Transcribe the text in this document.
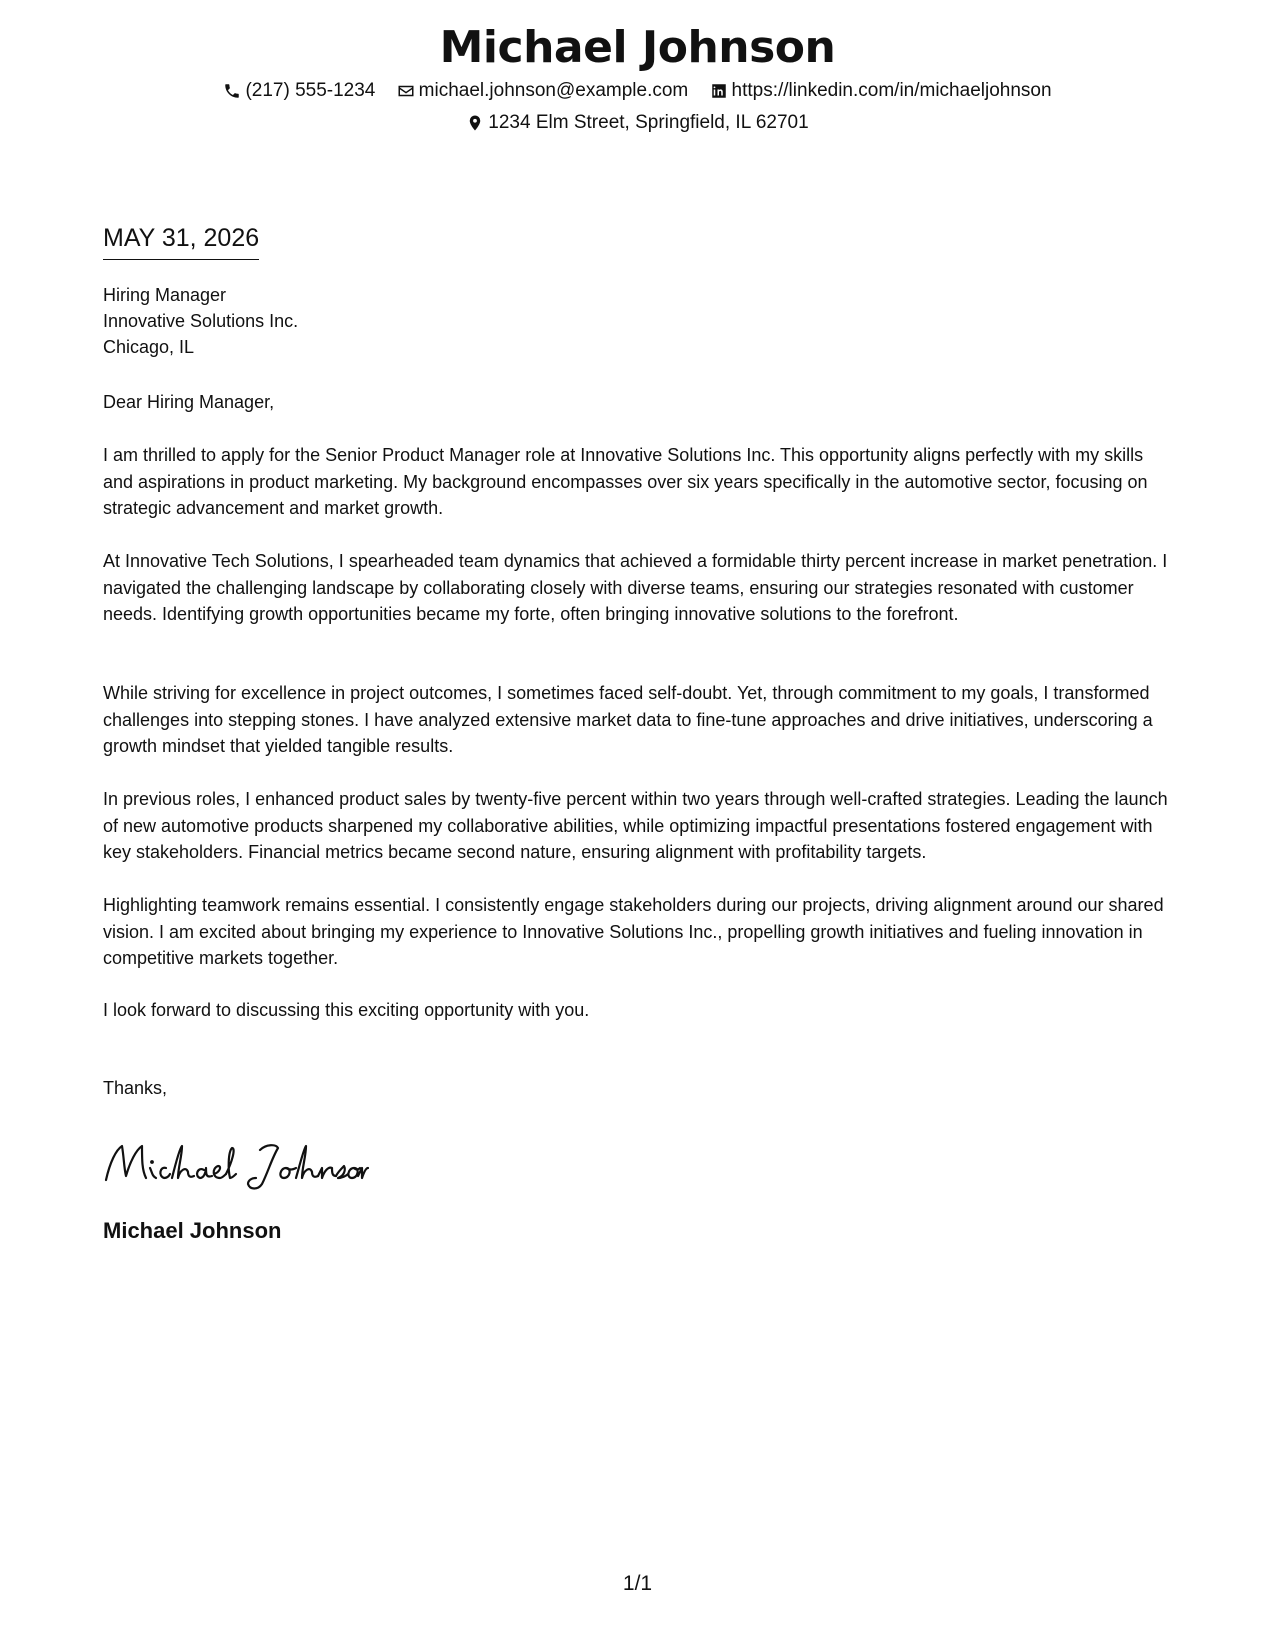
Michael Johnson
(217) 555-1234
michael.johnson@example.com
https://linkedin.com/in/michaeljohnson
1234 Elm Street, Springfield, IL 62701
MAY 31, 2026
Hiring Manager
Innovative Solutions Inc.
Chicago, IL

Dear Hiring Manager,

I am thrilled to apply for the Senior Product Manager role at Innovative Solutions Inc. This opportunity aligns perfectly with my skills and aspirations in product marketing. My background encompasses over six years specifically in the automotive sector, focusing on strategic advancement and market growth.

At Innovative Tech Solutions, I spearheaded team dynamics that achieved a formidable thirty percent increase in market penetration. I navigated the challenging landscape by collaborating closely with diverse teams, ensuring our strategies resonated with customer needs. Identifying growth opportunities became my forte, often bringing innovative solutions to the forefront.

While striving for excellence in project outcomes, I sometimes faced self-doubt. Yet, through commitment to my goals, I transformed challenges into stepping stones. I have analyzed extensive market data to fine-tune approaches and drive initiatives, underscoring a growth mindset that yielded tangible results.

In previous roles, I enhanced product sales by twenty-five percent within two years through well-crafted strategies. Leading the launch of new automotive products sharpened my collaborative abilities, while optimizing impactful presentations fostered engagement with key stakeholders. Financial metrics became second nature, ensuring alignment with profitability targets.

Highlighting teamwork remains essential. I consistently engage stakeholders during our projects, driving alignment around our shared vision. I am excited about bringing my experience to Innovative Solutions Inc., propelling growth initiatives and fueling innovation in competitive markets together.

I look forward to discussing this exciting opportunity with you.

Thanks,

Michael Johnson
1/1
